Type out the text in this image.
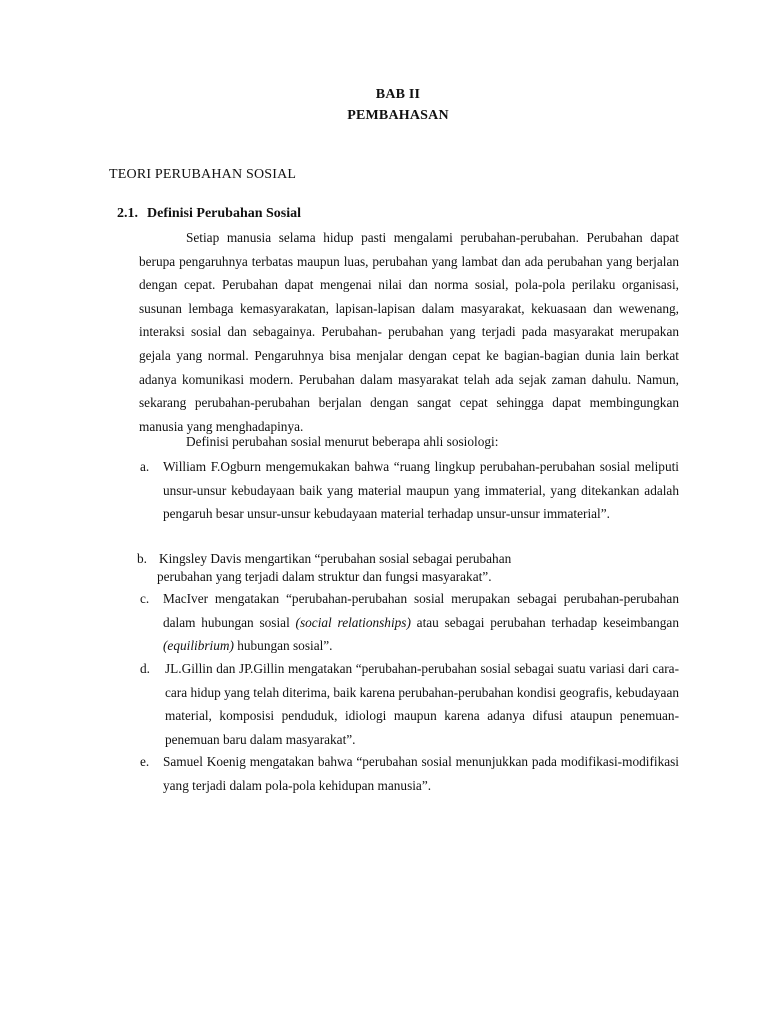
BAB II
PEMBAHASAN
TEORI PERUBAHAN SOSIAL
2.1. Definisi Perubahan Sosial

Setiap manusia selama hidup pasti mengalami perubahan-perubahan. Perubahan dapat berupa pengaruhnya terbatas maupun luas, perubahan yang lambat dan ada perubahan yang berjalan dengan cepat. Perubahan dapat mengenai nilai dan norma sosial, pola-pola perilaku organisasi, susunan lembaga kemasyarakatan, lapisan-lapisan dalam masyarakat, kekuasaan dan wewenang, interaksi sosial dan sebagainya. Perubahan- perubahan yang terjadi pada masyarakat merupakan gejala yang normal. Pengaruhnya bisa menjalar dengan cepat ke bagian-bagian dunia lain berkat adanya komunikasi modern. Perubahan dalam masyarakat telah ada sejak zaman dahulu. Namun, sekarang perubahan-perubahan berjalan dengan sangat cepat sehingga dapat membingungkan manusia yang menghadapinya.

Definisi perubahan sosial menurut beberapa ahli sosiologi:

a. William F.Ogburn mengemukakan bahwa “ruang lingkup perubahan-perubahan sosial meliputi unsur-unsur kebudayaan baik yang material maupun yang immaterial, yang ditekankan adalah pengaruh besar unsur-unsur kebudayaan material terhadap unsur-unsur immaterial”.

b. Kingsley Davis mengartikan “perubahan sosial sebagai perubahan
perubahan yang terjadi dalam struktur dan fungsi masyarakat”.
c. MacIver mengatakan “perubahan-perubahan sosial merupakan sebagai perubahan-perubahan dalam hubungan sosial (social relationships) atau sebagai perubahan terhadap keseimbangan (equilibrium) hubungan sosial”.

d. JL.Gillin dan JP.Gillin mengatakan “perubahan-perubahan sosial sebagai suatu variasi dari cara-cara hidup yang telah diterima, baik karena perubahan-perubahan kondisi geografis, kebudayaan material, komposisi penduduk, idiologi maupun karena adanya difusi ataupun penemuan-penemuan baru dalam masyarakat”.

e. Samuel Koenig mengatakan bahwa “perubahan sosial menunjukkan pada modifikasi-modifikasi yang terjadi dalam pola-pola kehidupan manusia”.
